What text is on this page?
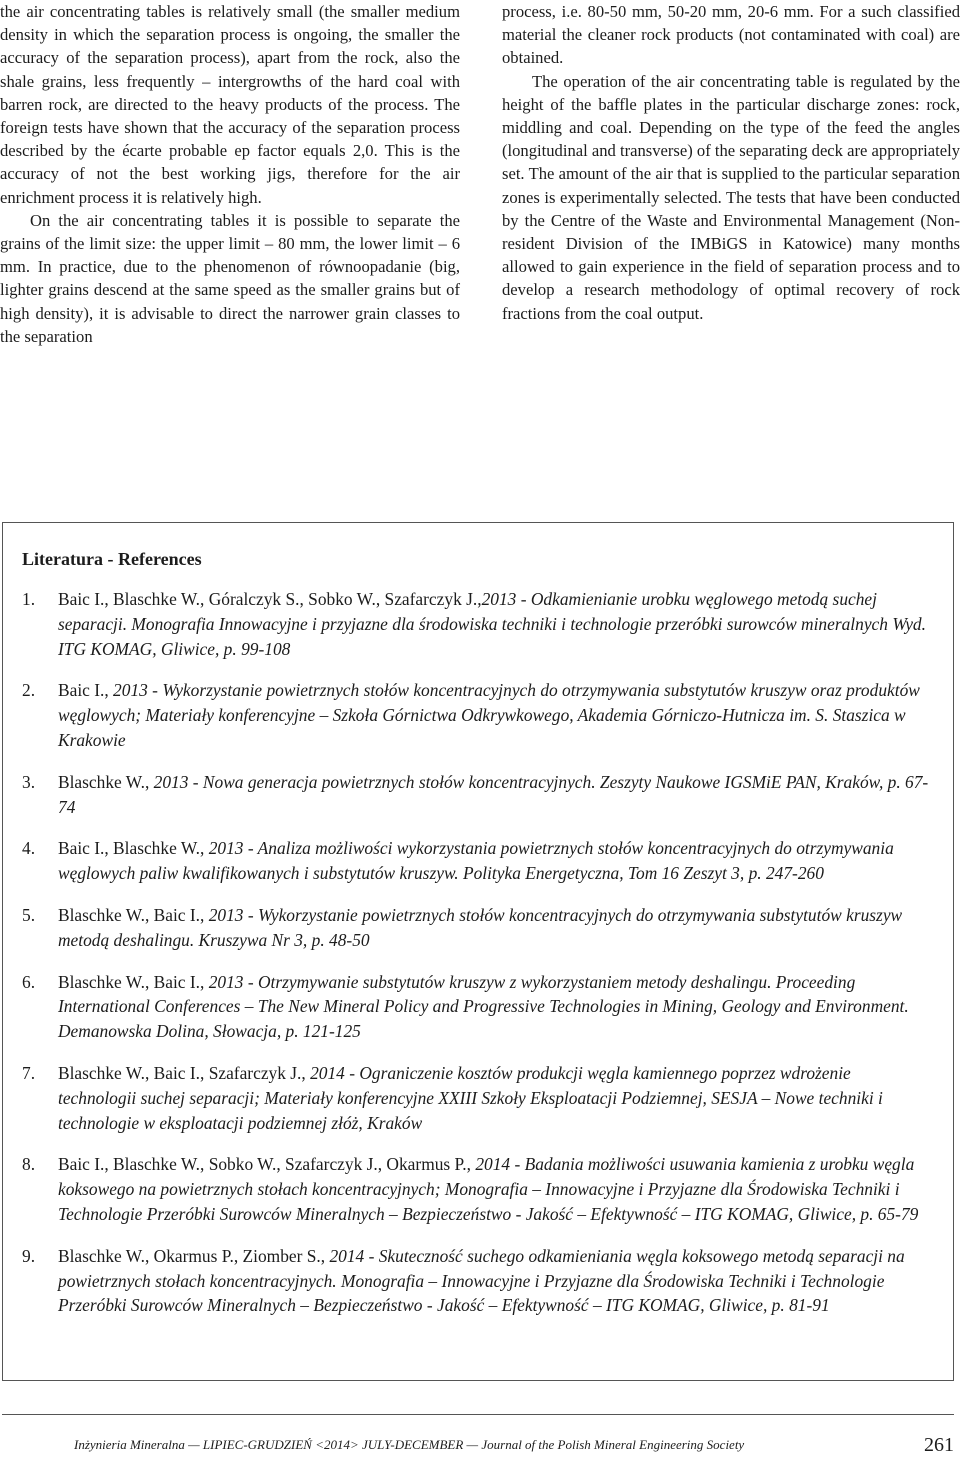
the air concentrating tables is relatively small (the smaller medium density in which the separation process is ongoing, the smaller the accuracy of the separation process), apart from the rock, also the shale grains, less frequently – intergrowths of the hard coal with barren rock, are directed to the heavy products of the process. The foreign tests have shown that the accuracy of the separation process described by the écarte probable ep factor equals 2,0. This is the accuracy of not the best working jigs, therefore for the air enrichment process it is relatively high.

On the air concentrating tables it is possible to separate the grains of the limit size: the upper limit – 80 mm, the lower limit – 6 mm. In practice, due to the phenomenon of równoopadanie (big, lighter grains descend at the same speed as the smaller grains but of high density), it is advisable to direct the narrower grain classes to the separation

process, i.e. 80-50 mm, 50-20 mm, 20-6 mm. For a such classified material the cleaner rock products (not contaminated with coal) are obtained.

The operation of the air concentrating table is regulated by the height of the baffle plates in the particular discharge zones: rock, middling and coal. Depending on the type of the feed the angles (longitudinal and transverse) of the separating deck are appropriately set. The amount of the air that is supplied to the particular separation zones is experimentally selected. The tests that have been conducted by the Centre of the Waste and Environmental Management (Non-resident Division of the IMBiGS in Katowice) many months allowed to gain experience in the field of separation process and to develop a research methodology of optimal recovery of rock fractions from the coal output.

Literatura - References
1. Baic I., Blaschke W., Góralczyk S., Sobko W., Szafarczyk J.,2013 - Odkamienianie urobku węglowego metodą suchej separacji. Monografia Innowacyjne i przyjazne dla środowiska techniki i technologie przeróbki surowców mineralnych Wyd. ITG KOMAG, Gliwice, p. 99-108
2. Baic I., 2013 - Wykorzystanie powietrznych stołów koncentracyjnych do otrzymywania substytutów kruszyw oraz produktów węglowych; Materiały konferencyjne – Szkoła Górnictwa Odkrywkowego, Akademia Górniczo-Hutnicza im. S. Staszica w Krakowie
3. Blaschke W., 2013 - Nowa generacja powietrznych stołów koncentracyjnych. Zeszyty Naukowe IGSMiE PAN, Kraków, p. 67-74
4. Baic I., Blaschke W., 2013 - Analiza możliwości wykorzystania powietrznych stołów koncentracyjnych do otrzymywania węglowych paliw kwalifikowanych i substytutów kruszyw. Polityka Energetyczna, Tom 16 Zeszyt 3, p. 247-260
5. Blaschke W., Baic I., 2013 - Wykorzystanie powietrznych stołów koncentracyjnych do otrzymywania substytutów kruszyw metodą deshalingu. Kruszywa Nr 3, p. 48-50
6. Blaschke W., Baic I., 2013 - Otrzymywanie substytutów kruszyw z wykorzystaniem metody deshalingu. Proceeding International Conferences – The New Mineral Policy and Progressive Technologies in Mining, Geology and Environment. Demanowska Dolina, Słowacja, p. 121-125
7. Blaschke W., Baic I., Szafarczyk J., 2014 - Ograniczenie kosztów produkcji węgla kamiennego poprzez wdrożenie technologii suchej separacji; Materiały konferencyjne XXIII Szkoły Eksploatacji Podziemnej, SESJA – Nowe techniki i technologie w eksploatacji podziemnej złóż, Kraków
8. Baic I., Blaschke W., Sobko W., Szafarczyk J., Okarmus P., 2014 - Badania możliwości usuwania kamienia z urobku węgla koksowego na powietrznych stołach koncentracyjnych; Monografia – Innowacyjne i Przyjazne dla Środowiska Techniki i Technologie Przeróbki Surowców Mineralnych – Bezpieczeństwo - Jakość – Efektywność – ITG KOMAG, Gliwice, p. 65-79
9. Blaschke W., Okarmus P., Ziomber S., 2014 - Skuteczność suchego odkamieniania węgla koksowego metodą separacji na powietrznych stołach koncentracyjnych. Monografia – Innowacyjne i Przyjazne dla Środowiska Techniki i Technologie Przeróbki Surowców Mineralnych – Bezpieczeństwo - Jakość – Efektywność – ITG KOMAG, Gliwice, p. 81-91
Inżynieria Mineralna — LIPIEC-GRUDZIEŃ <2014> JULY-DECEMBER — Journal of the Polish Mineral Engineering Society	261
